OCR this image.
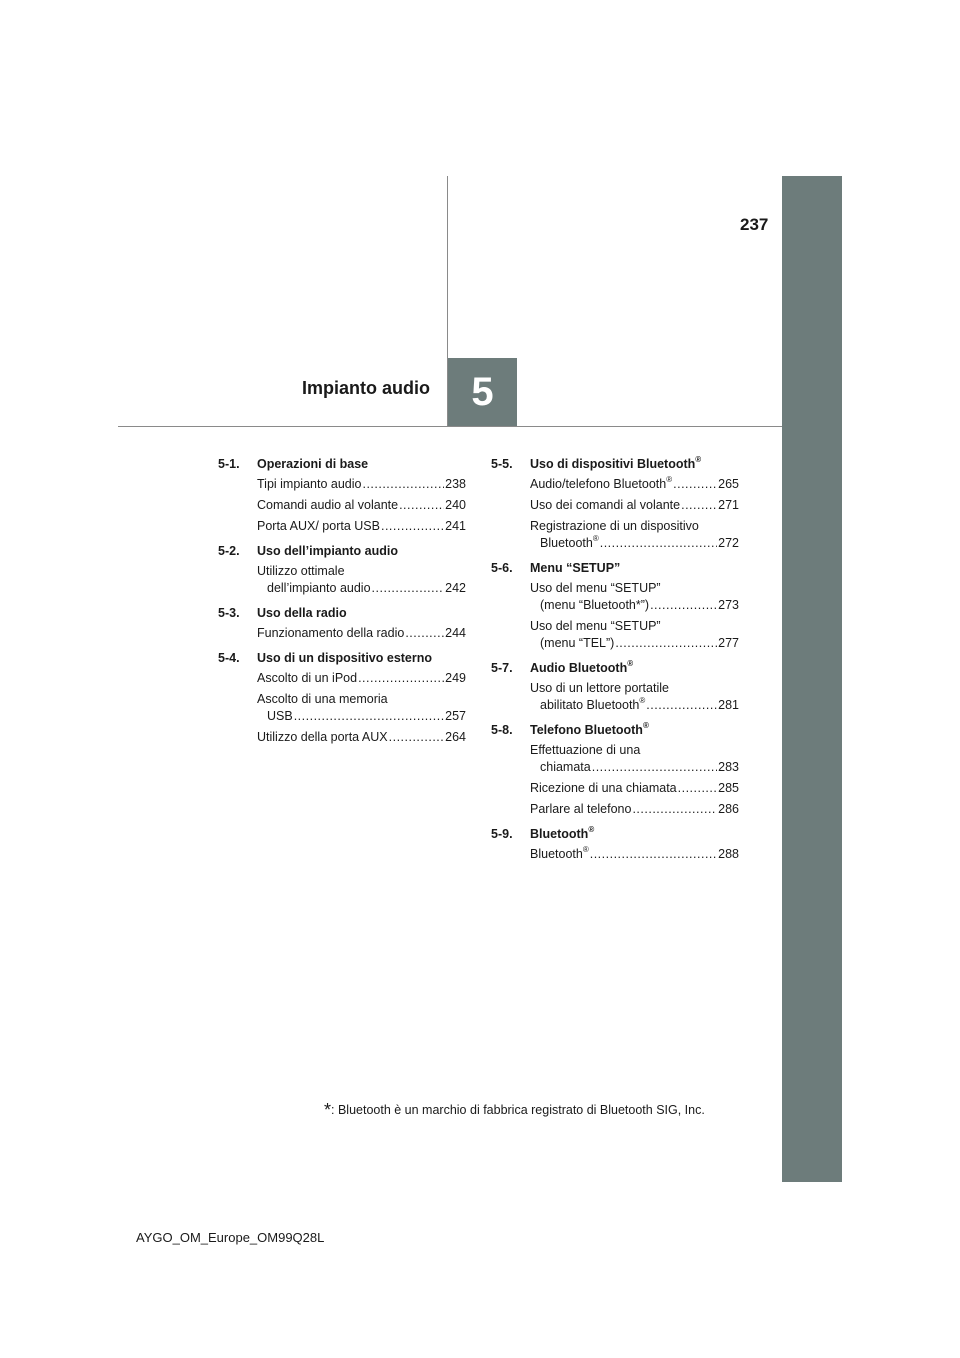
237
5
Impianto audio
5-1.	Operazioni di base
Tipi impianto audio .....	238
Comandi audio al volante .....	240
Porta AUX/ porta USB .....	241
5-2.	Uso dell’impianto audio
Utilizzo ottimale
dell’impianto audio .....	242
5-3.	Uso della radio
Funzionamento della radio .....	244
5-4.	Uso di un dispositivo esterno
Ascolto di un iPod .....	249
Ascolto di una memoria
USB .....	257
Utilizzo della porta AUX .....	264
5-5.	Uso di dispositivi Bluetooth®
Audio/telefono Bluetooth® .....	265
Uso dei comandi al volante .....	271
Registrazione di un dispositivo
Bluetooth® .....	272
5-6.	Menu “SETUP”
Uso del menu “SETUP”
(menu “Bluetooth*”) .....	273
Uso del menu “SETUP”
(menu “TEL”) .....	277
5-7.	Audio Bluetooth®
Uso di un lettore portatile
abilitato Bluetooth® .....	281
5-8.	Telefono Bluetooth®
Effettuazione di una
chiamata .....	283
Ricezione di una chiamata .....	285
Parlare al telefono .....	286
5-9.	Bluetooth®
Bluetooth® .....	288
*: Bluetooth è un marchio di fabbrica registrato di Bluetooth SIG, Inc.
AYGO_OM_Europe_OM99Q28L
